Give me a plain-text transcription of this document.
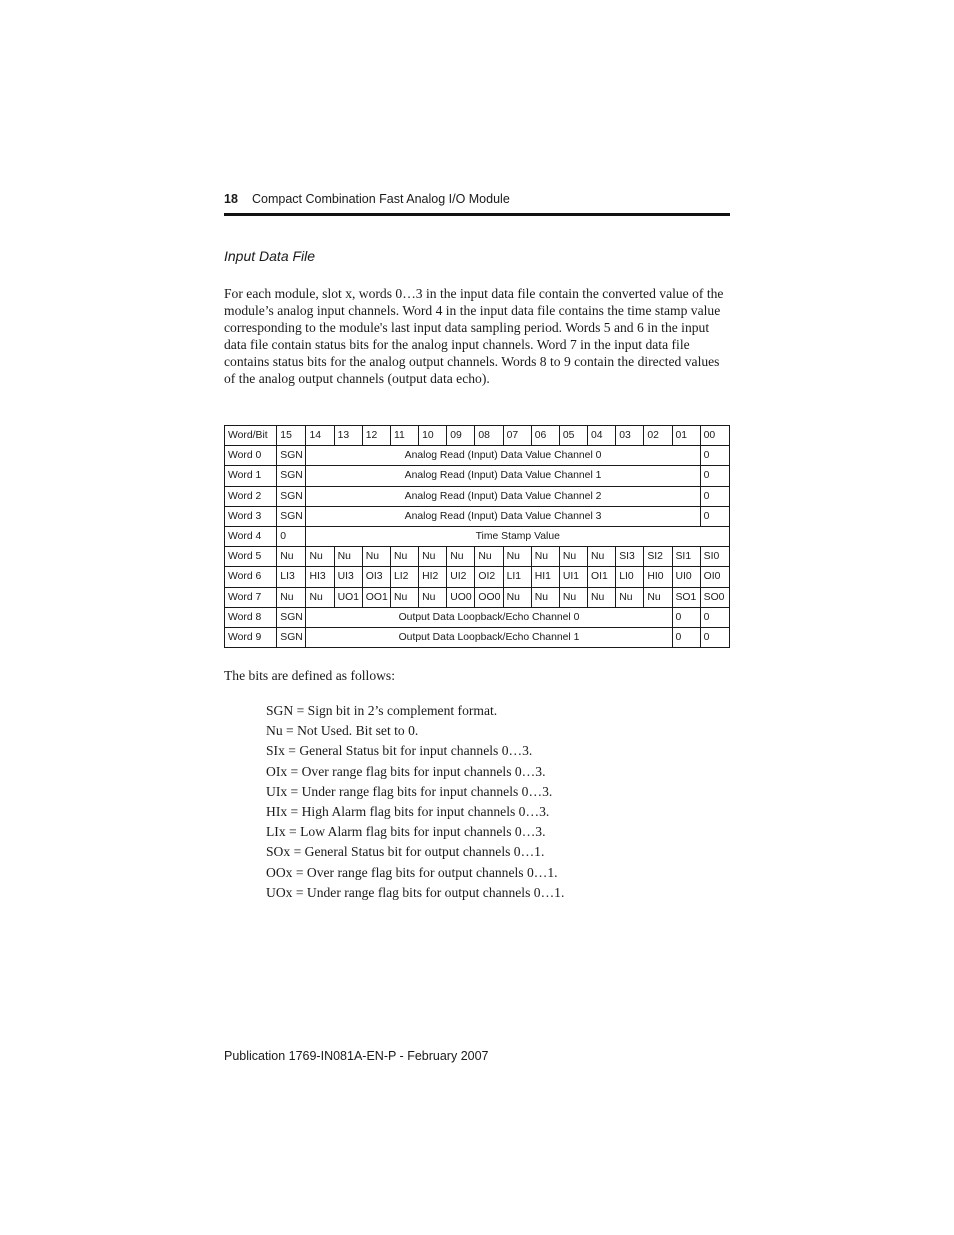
18 Compact Combination Fast Analog I/O Module
Input Data File

For each module, slot x, words 0…3 in the input data file contain the converted value of the module’s analog input channels. Word 4 in the input data file contains the time stamp value corresponding to the module's last input data sampling period. Words 5 and 6 in the input data file contain status bits for the analog input channels. Word 7 in the input data file contains status bits for the analog output channels. Words 8 to 9 contain the directed values of the analog output channels (output data echo).

Word/Bit	15	14	13	12	11	10	09	08	07	06	05	04	03	02	01	00
Word 0	SGN	Analog Read (Input) Data Value Channel 0														0
Word 1	SGN	Analog Read (Input) Data Value Channel 1														0
Word 2	SGN	Analog Read (Input) Data Value Channel 2														0
Word 3	SGN	Analog Read (Input) Data Value Channel 3														0
Word 4	0	Time Stamp Value														
Word 5	Nu	Nu	Nu	Nu	Nu	Nu	Nu	Nu	Nu	Nu	Nu	Nu	SI3	SI2	SI1	SI0
Word 6	LI3	HI3	UI3	OI3	LI2	HI2	UI2	OI2	LI1	HI1	UI1	OI1	LI0	HI0	UI0	OI0
Word 7	Nu	Nu	UO1	OO1	Nu	Nu	UO0	OO0	Nu	Nu	Nu	Nu	Nu	Nu	SO1	SO0
Word 8	SGN	Output Data Loopback/Echo Channel 0													0	0
Word 9	SGN	Output Data Loopback/Echo Channel 1													0	0
The bits are defined as follows:
SGN = Sign bit in 2’s complement format.
Nu = Not Used. Bit set to 0.
SIx = General Status bit for input channels 0…3.
OIx = Over range flag bits for input channels 0…3.
UIx = Under range flag bits for input channels 0…3.
HIx = High Alarm flag bits for input channels 0…3.
LIx = Low Alarm flag bits for input channels 0…3.
SOx = General Status bit for output channels 0…1.
OOx = Over range flag bits for output channels 0…1.
UOx = Under range flag bits for output channels 0…1.
Publication 1769-IN081A-EN-P - February 2007
